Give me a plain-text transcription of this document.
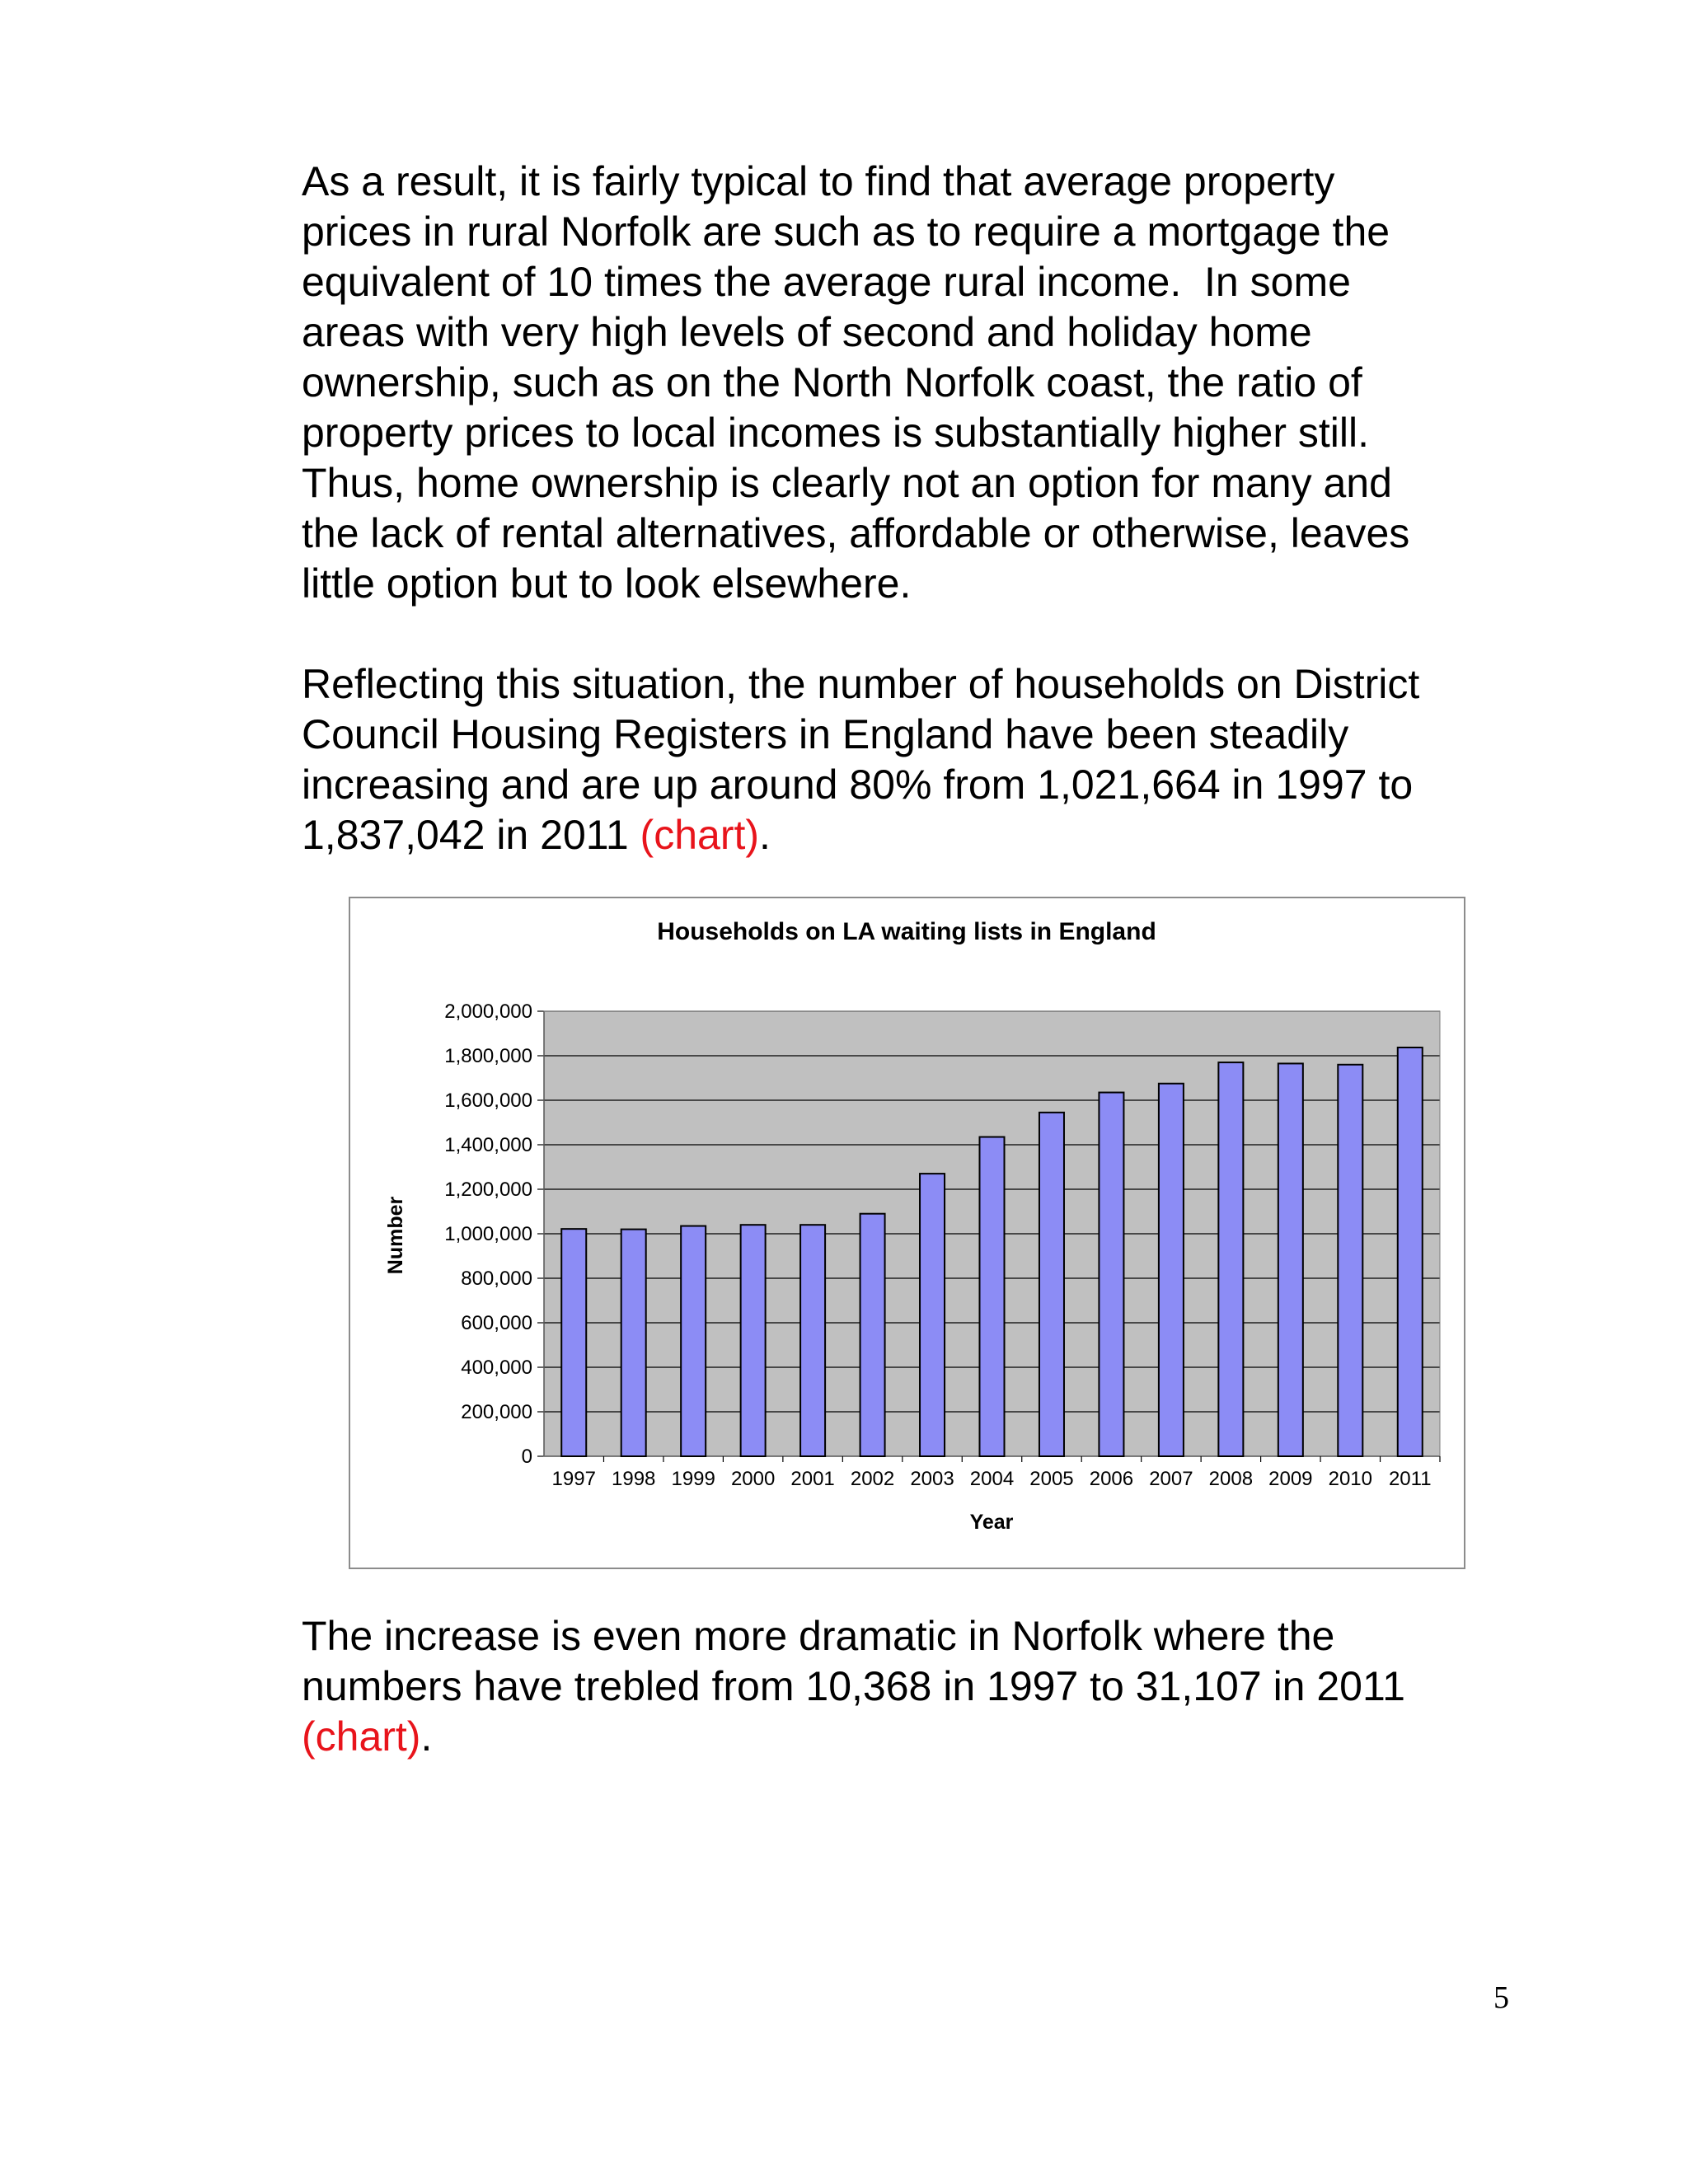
As a result, it is fairly typical to find that average property
prices in rural Norfolk are such as to require a mortgage the
equivalent of 10 times the average rural income.  In some
areas with very high levels of second and holiday home
ownership, such as on the North Norfolk coast, the ratio of
property prices to local incomes is substantially higher still.
Thus, home ownership is clearly not an option for many and
the lack of rental alternatives, affordable or otherwise, leaves
little option but to look elsewhere.

Reflecting this situation, the number of households on District
Council Housing Registers in England have been steadily
increasing and are up around 80% from 1,021,664 in 1997 to
1,837,042 in 2011 (chart).

0
200,000
400,000
600,000
800,000
1,000,000
1,200,000
1,400,000
1,600,000
1,800,000
2,000,000
1997 1998 1999 2000 2001 2002 2003 2004 2005 2006 2007 2008 2009 2010 2011
Households on LA waiting lists in England
Year
Number

The increase is even more dramatic in Norfolk where the
numbers have trebled from 10,368 in 1997 to 31,107 in 2011
(chart).

5
